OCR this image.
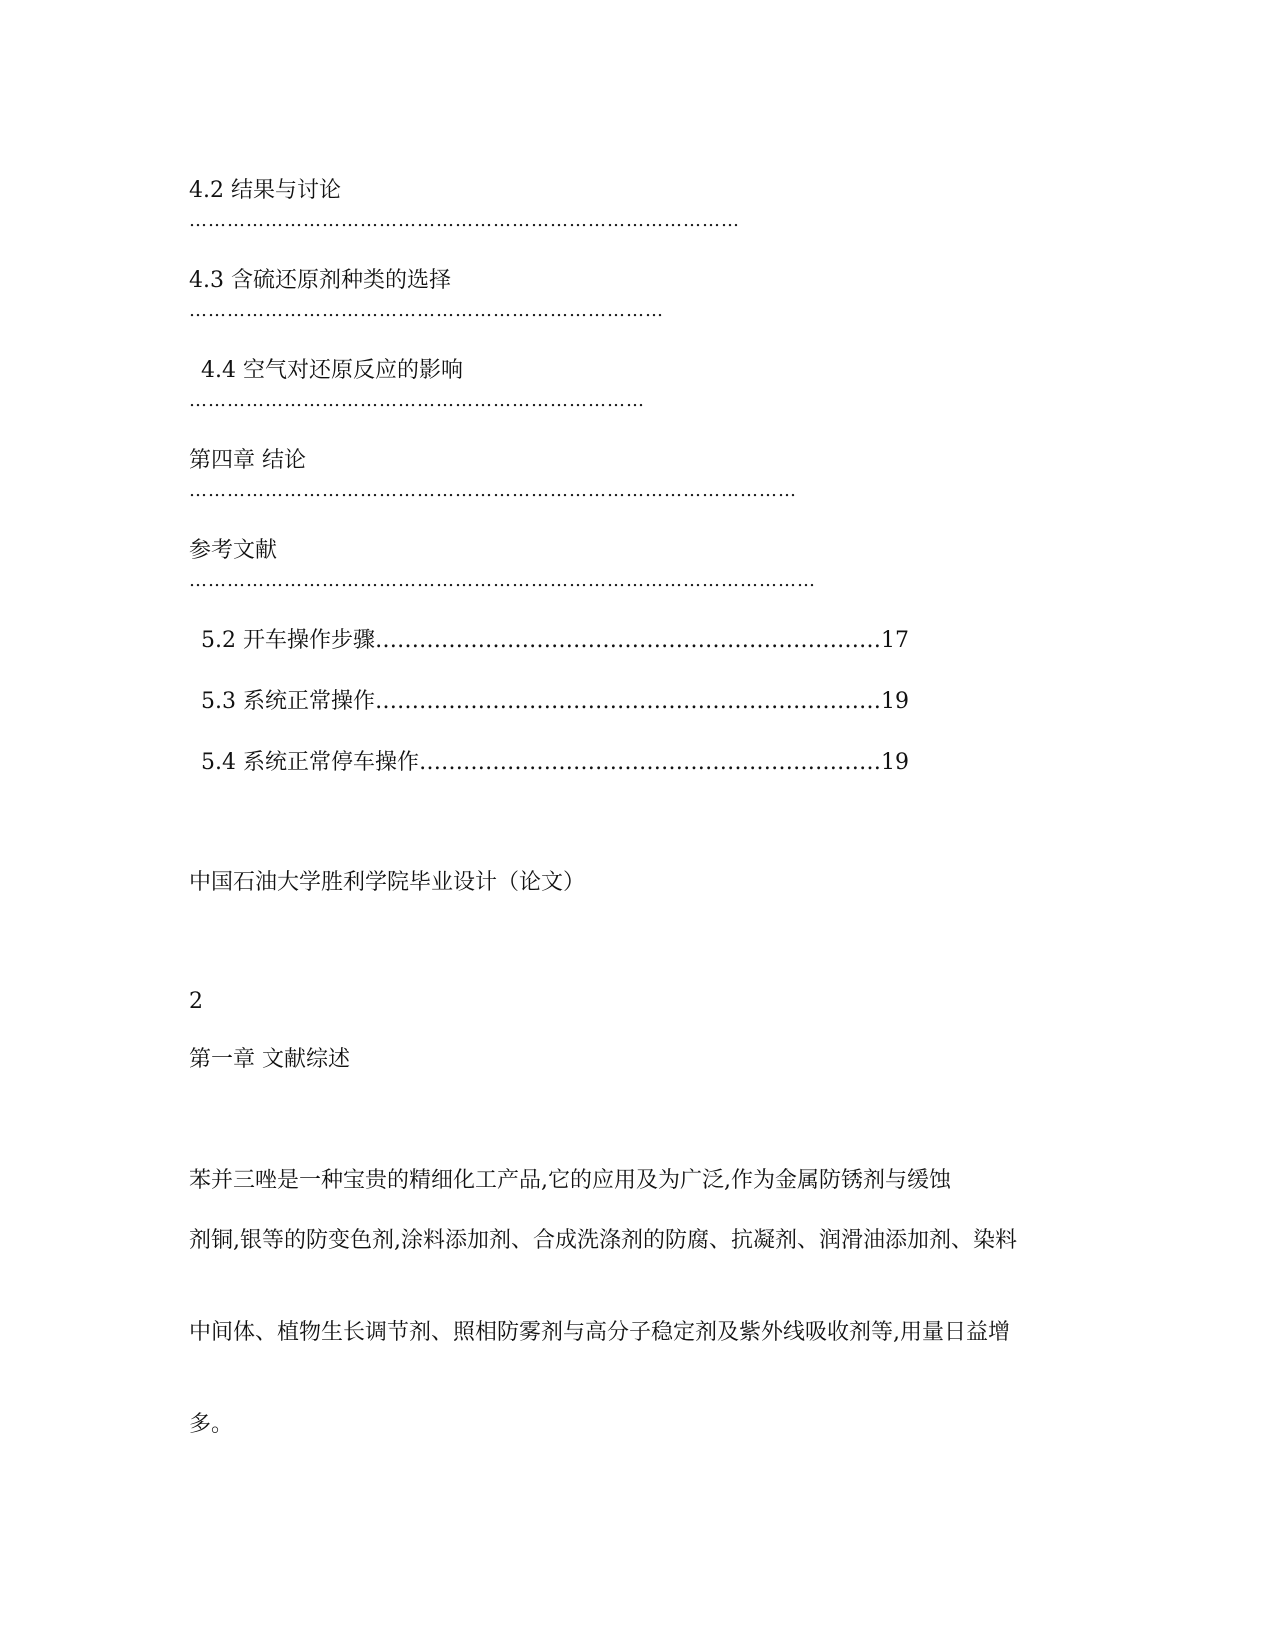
4.2 结果与讨论
……………………………………………………………………………
4.3 含硫还原剂种类的选择
…………………………………………………………………
4.4 空气对还原反应的影响
………………………………………………………………
第四章 结论
……………………………………………………………………………………
参考文献
………………………………………………………………………………………
5.2 开车操作步骤……………………………………………………………17
5.3 系统正常操作……………………………………………………………19
5.4 系统正常停车操作………………………………………………………19
中国石油大学胜利学院毕业设计（论文）
2
第一章 文献综述
苯并三唑是一种宝贵的精细化工产品,它的应用及为广泛,作为金属防锈剂与缓蚀
剂铜,银等的防变色剂,涂料添加剂、合成洗涤剂的防腐、抗凝剂、润滑油添加剂、染料
中间体、植物生长调节剂、照相防雾剂与高分子稳定剂及紫外线吸收剂等,用量日益增
多。
